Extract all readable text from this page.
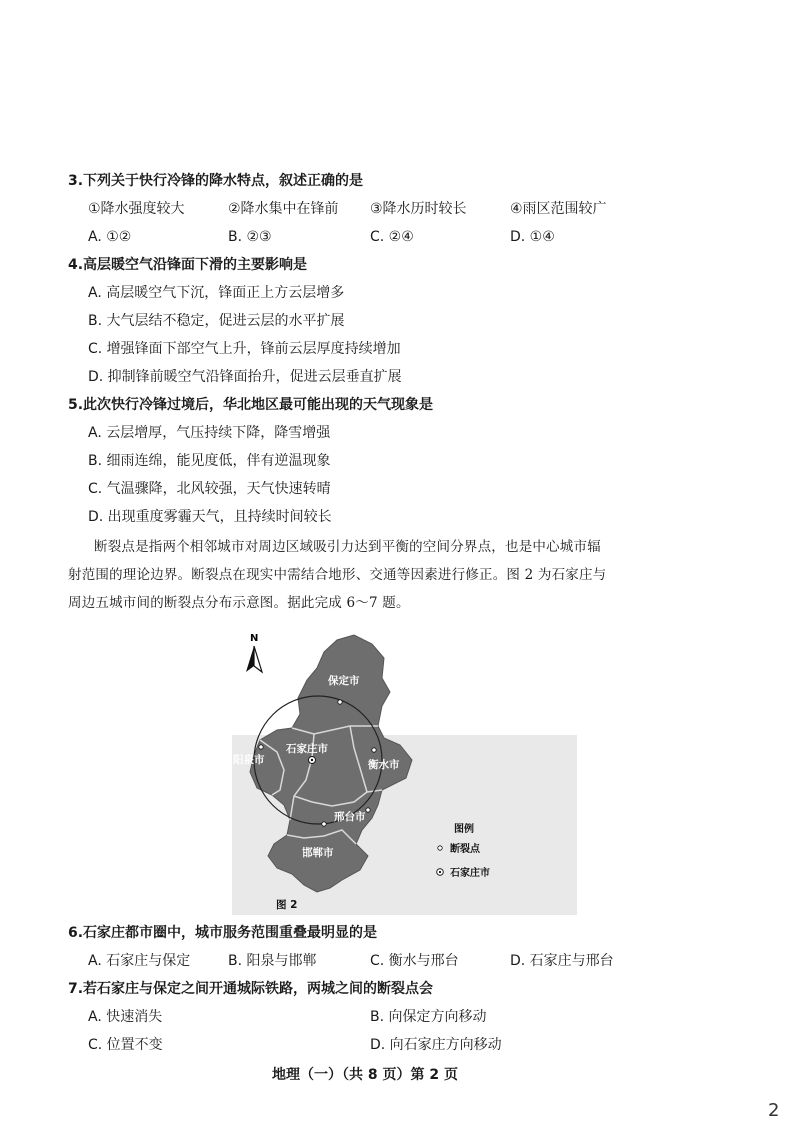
3.下列关于快行冷锋的降水特点，叙述正确的是
①降水强度较大	②降水集中在锋前 ③降水历时较长	④雨区范围较广
A. ①②	B. ②③	C. ②④	D. ①④
4.高层暖空气沿锋面下滑的主要影响是
A. 高层暖空气下沉，锋面正上方云层增多
B. 大气层结不稳定，促进云层的水平扩展
C. 增强锋面下部空气上升，锋前云层厚度持续增加
D. 抑制锋前暖空气沿锋面抬升，促进云层垂直扩展
5.此次快行冷锋过境后，华北地区最可能出现的天气现象是
A. 云层增厚，气压持续下降，降雪增强
B. 细雨连绵，能见度低，伴有逆温现象
C. 气温骤降，北风较强，天气快速转晴
D. 出现重度雾霾天气，且持续时间较长
断裂点是指两个相邻城市对周边区域吸引力达到平衡的空间分界点，也是中心城市辐
射范围的理论边界。断裂点在现实中需结合地形、交通等因素进行修正。图 2 为石家庄与
周边五城市间的断裂点分布示意图。据此完成 6～7 题。
N
保定市
石家庄市
阳泉市	衡水市
邢台市
邯郸市
图例
断裂点
石家庄市
图 2
6.石家庄都市圈中，城市服务范围重叠最明显的是
A. 石家庄与保定	B. 阳泉与邯郸	C. 衡水与邢台	D. 石家庄与邢台
7.若石家庄与保定之间开通城际铁路，两城之间的断裂点会
A. 快速消失	B. 向保定方向移动
C. 位置不变	D. 向石家庄方向移动
地理（一）（共 8 页）第 2 页
2
